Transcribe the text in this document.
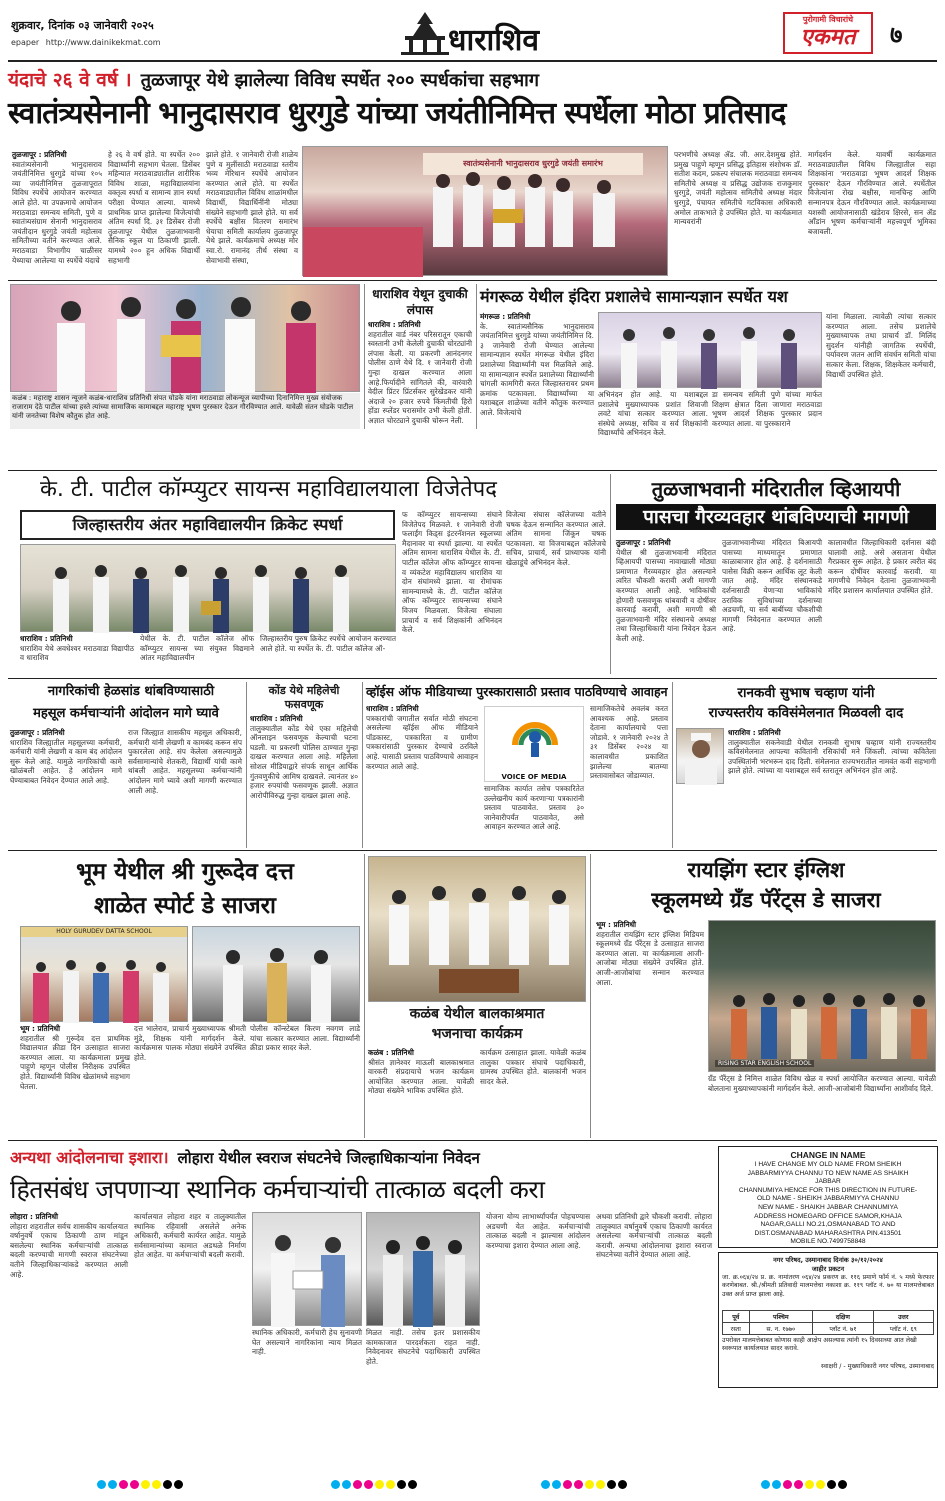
शुक्रवार, दिनांक ०३ जानेवारी २०२५
epaper http://www.dainikekmat.com	धाराशिव
पुरोगामी विचारांचे
एकमत	७
यंदाचे २६ वे वर्ष । तुळजापूर येथे झालेल्या विविध स्पर्धेत २०० स्पर्धकांचा सहभाग
स्वातंत्र्यसेनानी भानुदासराव धुरगुडे यांच्या जयंतीनिमित्त स्पर्धेला मोठा प्रतिसाद
तुळजापूर : प्रतिनिधी
स्वातंत्र्यसेनानी भानुदासराव जयंतीनिमित्त धुरगुडे यांच्या १०५ व्या जयंतीनिमित्त तुळजापूरात विविध स्पर्धेचे आयोजन करण्यात आले होते. या उपक्रमाचे आयोजन मराठवाडा समन्वय समिती, पुणे व स्वातंत्र्यसंग्राम सेनानी भानुदासराव जयंतीदान धुरगुडे जयंती महोत्सव समितीच्या वतीने करण्यात आले. मराठवाडा विभागीय चाळीसर येथ्याचा आलेल्या या स्पर्धेचे यंदाचे
हे २६ वे वर्ष होते. या स्पर्धेत २०० विद्यार्थ्यांनी सहभाग घेतला. डिसेंबर महिन्यात मराठवाड्यातील शारीरिक विविध शाळा, महाविद्यालयांना वक्तृत्व स्पर्धा व सामान्य ज्ञान स्पर्धा परीक्षा घेण्यात आल्या. यामध्ये प्राथमिक प्राप्त झालेल्या विजेत्यांची अंतिम स्पर्धा दि. ३१ डिसेंबर रोजी तुळजापूर येथील तुळजाभवानी सैनिक स्कूल या ठिकाणी झाली. यामध्ये २०० हून अधिक विद्यार्थी सहभागी
झाले होते. १ जानेवारी रोजी शाळेय पुणे व मुलींसाठी मराठवाडा स्तरीय भव्य मेरिथान स्पर्धेचे आयोजन करण्यात आले होते. या स्पर्धेत मराठवाड्यातील विविध शाळांमधील विद्यार्थी, विद्यार्थिनींनी मोठ्या संख्येने सहभागी झाले होते. या सर्व स्पर्धेचे बक्षीस वितरण समारंभ धेयाचा समिती कार्यालय तुळजापूर येथे झाले. कार्यक्रमाचे अध्यक्ष मोर स्वा.रो. रामानंद तीर्थ संस्था व सेवाभावी संस्था,
स्वातंत्र्यसेनानी भानुदासराव धुरगुडे जयंती समारंभ
परभणीचे अध्यक्ष ॲड. जी. आर.देशमुख होते. प्रमुख पाहुणे म्हणून प्रसिद्ध इतिहास संशोधक डॉ. सतीश कदम, प्रकल्प संचालक मराठवाडा समन्वय समितीचे अध्यक्ष व प्रसिद्ध उद्योजक राजकुमार धुरगुडे, जयंती महोत्सव समितीचे अध्यक्ष मंदार धुरगुडे, पंचायत समितीचे गटविकास अधिकारी अमोल ताकभाते हे उपस्थित होते. या कार्यक्रमात मान्यवरांनी
मार्गदर्शन केले. यावर्षी कार्यक्रमात मराठवाड्यातील विविध जिल्ह्यातील सहा शिक्षकांना 'मराठवाडा भूषण आदर्श शिक्षक पुरस्कार' देऊन गौरविण्यात आले. स्पर्धेतील विजेत्यांना रोख बक्षीस, मानचिन्ह आणि सन्मानपत्र देऊन गौरविण्यात आले. कार्यक्रमाच्या यशस्वी आयोजनासाठी खंडेराव क्षिरसे, सन ॲड आँडांन भूषण कर्मचाऱ्यांनी महत्त्वपूर्ण भूमिका बजावली.
कळंब : महाराष्ट्र शासन न्यूजने कळंब-धाराशिव प्रतिनिधी संपत घोडके यांना मराठवाडा लोकन्यूज व्यापीच्या दिनानिमित्त मुख्य संयोजक राजाराम देठे पाटील यांच्या हस्ते त्यांच्या सामाजिक कामाबद्दल महाराष्ट्र भूषण पुरस्कार देऊन गौरविण्यात आले. यावेळी संतन घोडके पाटील यांनी जनतेच्या विशेष कौतुक होत आहे.
धाराशिव येथून दुचाकी लंपास
धाराशिव : प्रतिनिधी
शहरातील वार्ड नंबर परिसरातून एकाची स्वस्तानी उभी केलेली दुचाकी चोरट्यांनी लंपास केली. या प्रकरणी आनंदनगर पोलीस ठाणे येथे दि. १ जानेवारी रोजी गुन्हा दाखल करण्यात आला आहे.फिर्यादीने सांगितले की, वारंवारी वेदील प्रिंटर प्रिंटर्सकर सुरेखेडकर यांनी अंदाजे २० हजार रुपये किंमतीची हिरो होंडा स्प्लेंडर घरासमोर उभी केली होती. अज्ञात चोरट्याने दुचाकी चोरून नेली.
मंगरूळ येथील इंदिरा प्रशालेचे सामान्यज्ञान स्पर्धेत यश
मंगरूळ : प्रतिनिधी
के. स्वातंत्र्यसैनिक भानुदासराव जयंतानिमित्त धुरगुडे यांच्या जयंतीनिमित्त दि. ३ जानेवारी रोजी घेण्यात आलेल्या सामान्यज्ञान स्पर्धेत मंगरूळ येथील इंदिरा प्रशालेच्या विद्यार्थ्यांनी यश मिळविले आहे. या सामान्यज्ञान स्पर्धेत प्रशालेच्या विद्यार्थ्यांनी चांगली कामगिरी करत जिल्हास्तरावर प्रथम क्रमांक पटकावला. विद्यार्थ्यांच्या या यशाबद्दल शाळेच्या वतीने कौतुक करण्यात आले. विजेत्यांचे
अभिनंदन होत आहे. या यशाबद्दल प्रशालेचे मुख्याध्यापक प्रशांत शिवाजी लवटे यांचा सत्कार करण्यात आला. संस्थेचे अध्यक्ष, सचिव व सर्व शिक्षकांनी विद्यार्थ्यांचे अभिनंदन केले.
डा समन्वय समिती पुणे यांच्या मार्फत शिक्षण क्षेत्रात दिला जाणारा मराठवाडा भूषण आदर्श शिक्षक पुरस्कार प्रदान करण्यात आला. या पुरस्काराने
यांना मिळाला. त्यावेळी त्यांचा सत्कार करण्यात आला. तसेच प्रशालेचे मुख्याध्यापक तथा प्राचार्य डॉ. मिलिंद सुदर्शन यांनीही जागतिक स्पर्धेची, पर्यावरण जतन आणि संवर्धन समिती यांचा सत्कार केला. शिक्षक, शिक्षकेतर कर्मचारी, विद्यार्थी उपस्थित होते.
के. टी. पाटील कॉम्प्युटर सायन्स महाविद्यालयाला विजेतेपद
जिल्हास्तरीय अंतर महाविद्यालयीन क्रिकेट स्पर्धा
धाराशिव : प्रतिनिधी
धाराशिव येथे अवधेश्वर मराठवाडा विद्यापीठ व धाराशिव
येथील के. टी. पाटील कॉलेज ऑफ कॉम्प्युटर सायन्स च्या संयुक्त विद्यमाने आंतर महाविद्यालयीन
जिल्हास्तरीय पुरुष क्रिकेट स्पर्धेचे आयोजन करण्यात आले होते. या स्पर्धेत के. टी. पाटील कॉलेज ऑ-
फ कॉम्प्युटर सायन्सच्या संघाने विजेतेपद मिळवले. १ जानेवारी रोजी फलाईंग किड्स इंटरनॅशनल स्कूलच्या मैदानावर या स्पर्धा झाल्या. या स्पर्धेत अंतिम सामना धाराशिव येथील के. टी. पाटील कॉलेज ऑफ कॉम्प्युटर सायन्स व व्यंकटेश महाविद्यालय धाराशिव या दोन संघांमध्ये झाला. या रोमांचक सामन्यामध्ये के. टी. पाटील कॉलेज ऑफ कॉम्प्युटर सायन्सच्या संघाने विजय मिळवला. विजेत्या संघाला प्राचार्य व सर्व शिक्षकांनी अभिनंदन केले.
विजेत्या संघास कॉलेजच्या वतीने चषक देऊन सन्मानित करण्यात आले. अंतिम सामना जिंकून चषक पटकावला. या विजयाबद्दल कॉलेजचे सचिव, प्राचार्य, सर्व प्राध्यापक यांनी खेळाडूंचे अभिनंदन केले.
तुळजाभवानी मंदिरातील व्हिआयपी
पासचा गैरव्यवहार थांबविण्याची मागणी
तुळजापूर : प्रतिनिधी
येथील श्री तुळजाभवानी मंदिरात व्हिआयपी पासच्या नावाखाली मोठ्या प्रमाणात गैरव्यवहार होत असल्याने त्वरित चौकशी करावी अशी मागणी करण्यात आली आहे. भाविकांची होणारी फसवणूक थांबवावी व दोषींवर कारवाई करावी, अशी मागणी श्री तुळजाभवानी मंदिर संस्थानचे अध्यक्ष तथा जिल्हाधिकारी यांना निवेदन देऊन केली आहे.
तुळजाभवानीच्या मंदिरात बिआयपी पासच्या माध्यमातून प्रमाणात काळाबाजार होत आहे. हे दर्शनासाठी पासेस विक्री करून आर्थिक लूट केली जात आहे. मंदिर संस्थानकडे दर्शनासाठी येणाऱ्या भाविकांचे ठराविक सुविधांच्या दर्शनाच्या अडचणी, या सर्व बाबींच्या चौकशीची मागणी निवेदनात करण्यात आली आहे.
कालावधीत जिल्हाधिकारी दर्शनास बंदी घालावी आहे. असे असताना येथील गैरप्रकार सुरू आहेत. हे प्रकार त्वरीत बंद करून दोषींवर कारवाई करावी. या मागणीचे निवेदन देताना तुळजाभवानी मंदिर प्रशासन कार्यालयात उपस्थित होते.
नागरिकांची हेळसांड थांबविण्यासाठी
महसूल कर्मचाऱ्यांनी आंदोलन मागे घ्यावे
तुळजापूर : प्रतिनिधी
धाराशिव जिल्ह्यातील महसूलच्या कर्मचारी, कर्मचारी यांनी लेखणी व काम बंद आंदोलन सुरू केले आहे. यामुळे नागरिकांची कामे खोळंबली आहेत. हे आंदोलन मागे घेण्याबाबत निवेदन देण्यात आले आहे.
राज जिल्ह्यात शासकीय महसूल अधिकारी, कर्मचारी यांनी लेखणी व कामबंद करून संप पुकारलेला आहे. संप केलेला असल्यामुळे सर्वसामान्यांचे शेतकरी, विद्यार्थी यांची कामे थांबली आहेत. महसूलच्या कर्मचाऱ्यांनी आंदोलन मागे घ्यावे अशी मागणी करण्यात आली आहे.
कोंड येथे महिलेची फसवणूक
धाराशिव : प्रतिनिधी
तालुक्यातील कोंड येथे एका महिलेची ऑनलाइन फसवणूक केल्याची घटना घडली. या प्रकरणी पोलिस ठाण्यात गुन्हा दाखल करण्यात आला आहे. महिलेला सोशल मीडियाद्वारे संपर्क साधून आर्थिक गुंतवणुकीचे आमिष दाखवले. त्यानंतर ४० हजार रुपयांची फसवणूक झाली. अज्ञात आरोपीविरुद्ध गुन्हा दाखल झाला आहे.
व्हॉईस ऑफ मीडियाच्या पुरस्कारासाठी प्रस्ताव पाठविण्याचे आवाहन
धाराशिव : प्रतिनिधी
पत्रकारांची जगातील सर्वात मोठी संघटना असलेल्या व्हॉईस ऑफ मीडियाने पॉडकास्ट, पत्रकारिता व ग्रामीण पत्रकारांसाठी पुरस्कार देण्याचे ठरविले आहे. यासाठी प्रस्ताव पाठविण्याचे आवाहन करण्यात आले आहे.
VOICE OF MEDIA
सामाजिक कार्यात तसेच पत्रकारितेत उल्लेखनीय कार्य करणाऱ्या पत्रकारांनी प्रस्ताव पाठवावेत. प्रस्ताव ३० जानेवारीपर्यंत पाठवावेत, असे आवाहन करण्यात आले आहे.
सामाजिकतेचे अवलंब करत आवश्यक आहे. प्रस्ताव देताना कार्यालयाचे पत्ता जोडावे. १ जानेवारी २०२४ ते ३१ डिसेंबर २०२४ या कालावधीत प्रकाशित झालेल्या बातम्या प्रस्तावासोबत जोडाव्यात.
रानकवी सुभाष चव्हाण यांनी
राज्यस्तरीय कविसंमेलनात मिळवली दाद
धाराशिव : प्रतिनिधी
तालुक्यातील सकनेवाडी येथील रानकवी सुभाष चव्हाण यांनी राज्यस्तरीय कविसंमेलनात आपल्या कवितांनी रसिकांची मने जिंकली. त्यांच्या कवितेला उपस्थितांनी भरभरून दाद दिली. संमेलनात राज्यभरातील नामवंत कवी सहभागी झाले होते. त्यांच्या या यशाबद्दल सर्व स्तरातून अभिनंदन होत आहे.
भूम येथील श्री गुरूदेव दत्त
शाळेत स्पोर्ट डे साजरा
HOLY GURUDEV DATTA SCHOOL
भूम : प्रतिनिधी
शहरातील श्री गुरूदेव दत्त प्राथमिक विद्यालयात क्रीडा दिन उत्साहात साजरा करण्यात आला. या कार्यक्रमाला प्रमुख पाहुणे म्हणून पोलीस निरीक्षक उपस्थित होते. विद्यार्थ्यांनी विविध खेळांमध्ये सहभाग घेतला.
दत्त भालेराव, प्राचार्य मुख्याध्यापक श्रीमती मुंडे, शिक्षक यांनी मार्गदर्शन केले. कार्यक्रमास पालक मोठ्या संख्येने उपस्थित होते.
पोलीस कॉन्स्टेबल किरण नवगण लाडे यांचा सत्कार करण्यात आला. विद्यार्थ्यांनी क्रीडा प्रकार सादर केले.
कळंब येथील बालकाश्रमात
भजनाचा कार्यक्रम
कळंब : प्रतिनिधी
श्रीसंत ज्ञानेश्वर माऊली बालकाश्रमात वारकरी संप्रदायाचे भजन कार्यक्रम आयोजित करण्यात आला. यावेळी मोठ्या संख्येने भाविक उपस्थित होते.
कार्यक्रम उत्साहात झाला. यावेळी कळंब तालुका पत्रकार संघाचे पदाधिकारी, ग्रामस्थ उपस्थित होते. बालकांनी भजन सादर केले.
रायझिंग स्टार इंग्लिश
स्कूलमध्ये ग्रँड पॅरेंट्स डे साजरा
भूम : प्रतिनिधी
शहरातील रायझिंग स्टार इंग्लिश मिडियम स्कूलमध्ये ग्रँड पॅरेंट्स डे उत्साहात साजरा करण्यात आला. या कार्यक्रमाला आजी-आजोबा मोठ्या संख्येने उपस्थित होते. आजी-आजोबांचा सन्मान करण्यात आला.
RISING STAR ENGLISH SCHOOL
ग्रँड पॅरेंट्स डे निमित्त शाळेत विविध खेळ व स्पर्धा आयोजित करण्यात आल्या. यावेळी बोलताना मुख्याध्यापकांनी मार्गदर्शन केले. आजी-आजोबांनी विद्यार्थ्यांना आशीर्वाद दिले.
अन्यथा आंदोलनाचा इशारा। लोहारा येथील स्वराज संघटनेचे जिल्हाधिकाऱ्यांना निवेदन
हितसंबंध जपणाऱ्या स्थानिक कर्मचाऱ्यांची तात्काळ बदली करा
लोहारा : प्रतिनिधी
लोहारा शहरातील सर्वच शासकीय कार्यालयात वर्षानुवर्षे एकाच ठिकाणी ठाण मांडून बसलेल्या स्थानिक कर्मचाऱ्यांची तात्काळ बदली करण्याची मागणी स्वराज संघटनेच्या वतीने जिल्हाधिकाऱ्यांकडे करण्यात आली आहे.
कार्यालयात लोहारा शहर व तालुक्यातील स्थानिक रहिवासी असलेले अनेक अधिकारी, कर्मचारी कार्यरत आहेत. यामुळे सर्वसामान्यांच्या कामात अडथळे निर्माण होत आहेत. या कर्मचाऱ्यांची बदली करावी.
स्थानिक अधिकारी, कर्मचारी हेच सुनावणी घेत असल्याने नागरिकांना न्याय मिळत नाही.
मिळत नाही. तसेच इतर प्रशासकीय कामकाजात पारदर्शकता राहत नाही. निवेदनावर संघटनेचे पदाधिकारी उपस्थित होते.
योजना योग्य लाभार्थ्यांपर्यंत पोहचण्यास अडचणी येत आहेत. कर्मचाऱ्यांची तात्काळ बदली न झाल्यास आंदोलन करण्याचा इशारा देण्यात आला आहे.
अथवा प्रतिनिधी द्वारे चौकशी करावी. लोहारा तालुक्यात वर्षानुवर्षे एकाच ठिकाणी कार्यरत असलेल्या कर्मचाऱ्यांची तात्काळ बदली करावी. अन्यथा आंदोलनाचा इशारा स्वराज संघटनेच्या वतीने देण्यात आला आहे.
CHANGE IN NAME
I HAVE CHANGE MY OLD NAME FROM SHEIKH
JABBARMIYYA CHANNU TO NEW NAME AS SHAIKH
JABBAR
CHANNUMIYA HENCE FOR THIS DIRECTION IN FUTURE-
OLD NAME - SHEIKH JABBARMIYYA CHANNU
NEW NAME - SHAIKH JABBAR CHANNUMIYA
ADDRESS HOMEGARD OFFICE SAMOR,KHAJA
NAGAR,GALLI NO.21,OSMANABAD TO AND
DIST.OSMANABAD MAHARASHTRA PIN.413501
MOBILE NO.7499758848
नगर परिषद, उस्मानाबाद दिनांक ३०/१२/२०२४
जाहीर प्रकटन
जा. क्र.०६४/२४ प्र. क्र. नामांतरण ०६४/२४ प्रकरण क्र. ११६ प्रमाणे फॉर्म नं. ५ मध्ये फेरफार करणेबाबत. श्री./श्रीमती प्रतिवादी मालमत्तेचा नकाशा क्र. ११९ प्लॉट नं. ७० या मालमत्तेबाबत उक्त अर्ज प्राप्त झाला आहे.
पूर्व	पश्चिम	दक्षिण	उत्तर
रस्ता	स. न. १७७०	प्लॉट नं. ७१	प्लॉट नं. ६९
उपरोक्त मालमत्तेबाबत कोणास काही आक्षेप असल्यास त्यांनी १५ दिवसाच्या आत लेखी स्वरूपात कार्यालयात सादर करावे.
स्वाक्षरी / - मुख्याधिकारी नगर परिषद, उस्मानाबाद
